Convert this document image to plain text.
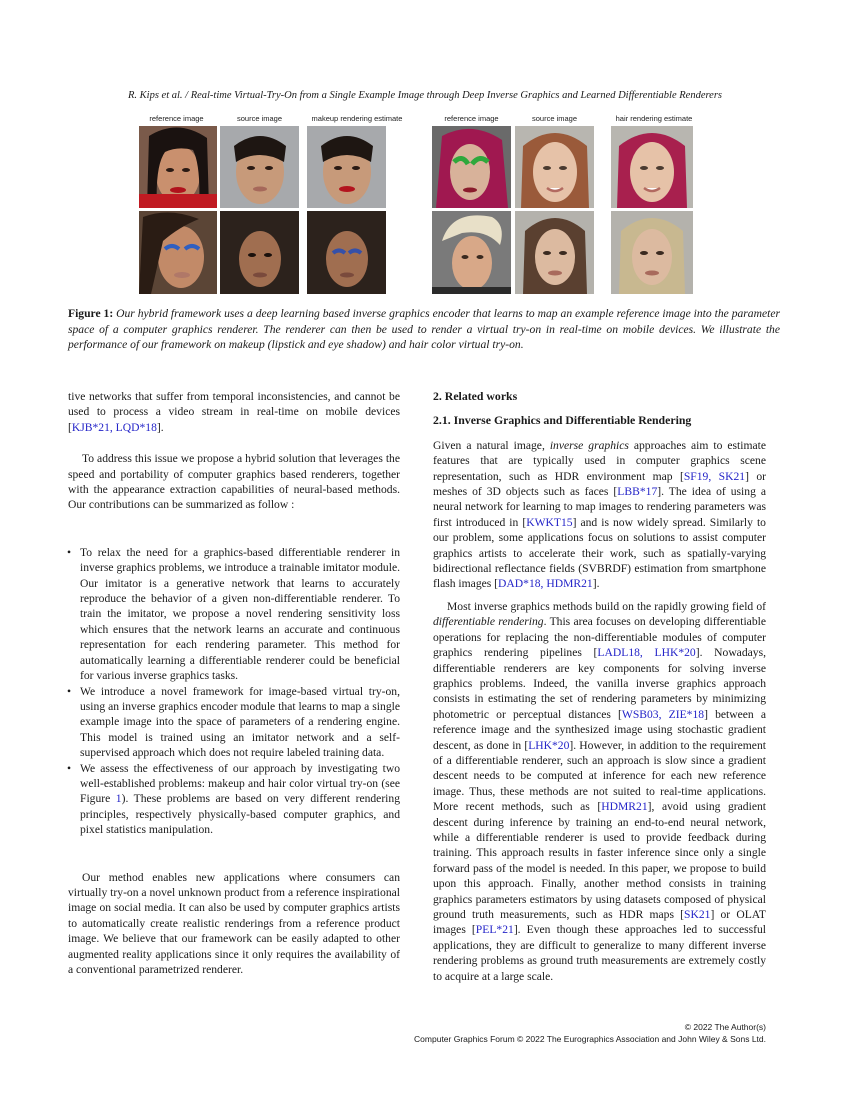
R. Kips et al. / Real-time Virtual-Try-On from a Single Example Image through Deep Inverse Graphics and Learned Differentiable Renderers
reference image	source image	makeup rendering estimate	reference image	source image	hair rendering estimate
Figure 1: Our hybrid framework uses a deep learning based inverse graphics encoder that learns to map an example reference image into the parameter space of a computer graphics renderer. The renderer can then be used to render a virtual try-on in real-time on mobile devices. We illustrate the performance of our framework on makeup (lipstick and eye shadow) and hair color virtual try-on.

tive networks that suffer from temporal inconsistencies, and cannot be used to process a video stream in real-time on mobile devices [KJB*21, LQD*18].

To address this issue we propose a hybrid solution that leverages the speed and portability of computer graphics based renderers, together with the appearance extraction capabilities of neural-based methods. Our contributions can be summarized as follow :

• To relax the need for a graphics-based differentiable renderer in inverse graphics problems, we introduce a trainable imitator module. Our imitator is a generative network that learns to accurately reproduce the behavior of a given non-differentiable renderer. To train the imitator, we propose a novel rendering sensitivity loss which ensures that the network learns an accurate and continuous representation for each rendering parameter. This method for automatically learning a differentiable renderer could be beneficial for various inverse graphics tasks.
• We introduce a novel framework for image-based virtual try-on, using an inverse graphics encoder module that learns to map a single example image into the space of parameters of a rendering engine. This model is trained using an imitator network and a self-supervised approach which does not require labeled training data.
• We assess the effectiveness of our approach by investigating two well-established problems: makeup and hair color virtual try-on (see Figure 1). These problems are based on very different rendering principles, respectively physically-based computer graphics, and pixel statistics manipulation.

Our method enables new applications where consumers can virtually try-on a novel unknown product from a reference inspirational image on social media. It can also be used by computer graphics artists to automatically create realistic renderings from a reference product image. We believe that our framework can be easily adapted to other augmented reality applications since it only requires the availability of a conventional parametrized renderer.

2. Related works

2.1. Inverse Graphics and Differentiable Rendering

Given a natural image, inverse graphics approaches aim to estimate features that are typically used in computer graphics scene representation, such as HDR environment map [SF19, SK21] or meshes of 3D objects such as faces [LBB*17]. The idea of using a neural network for learning to map images to rendering parameters was first introduced in [KWKT15] and is now widely spread. Similarly to our problem, some applications focus on solutions to assist computer graphics artists to accelerate their work, such as spatially-varying bidirectional reflectance fields (SVBRDF) estimation from smartphone flash images [DAD*18, HDMR21].

Most inverse graphics methods build on the rapidly growing field of differentiable rendering. This area focuses on developing differentiable operations for replacing the non-differentiable modules of computer graphics rendering pipelines [LADL18, LHK*20]. Nowadays, differentiable renderers are key components for solving inverse graphics problems. Indeed, the vanilla inverse graphics approach consists in estimating the set of rendering parameters by minimizing photometric or perceptual distances [WSB03, ZIE*18] between a reference image and the synthesized image using stochastic gradient descent, as done in [LHK*20]. However, in addition to the requirement of a differentiable renderer, such an approach is slow since a gradient descent needs to be computed at inference for each new reference image. Thus, these methods are not suited to real-time applications. More recent methods, such as [HDMR21], avoid using gradient descent during inference by training an end-to-end neural network, while a differentiable renderer is used to provide feedback during training. This approach results in faster inference since only a single forward pass of the model is needed. In this paper, we propose to build upon this approach. Finally, another method consists in training graphics parameters estimators by using datasets composed of physical ground truth measurements, such as HDR maps [SK21] or OLAT images [PEL*21]. Even though these approaches led to successful applications, they are difficult to generalize to many different inverse rendering problems as ground truth measurements are extremely costly to acquire at a large scale.

© 2022 The Author(s)
Computer Graphics Forum © 2022 The Eurographics Association and John Wiley & Sons Ltd.
